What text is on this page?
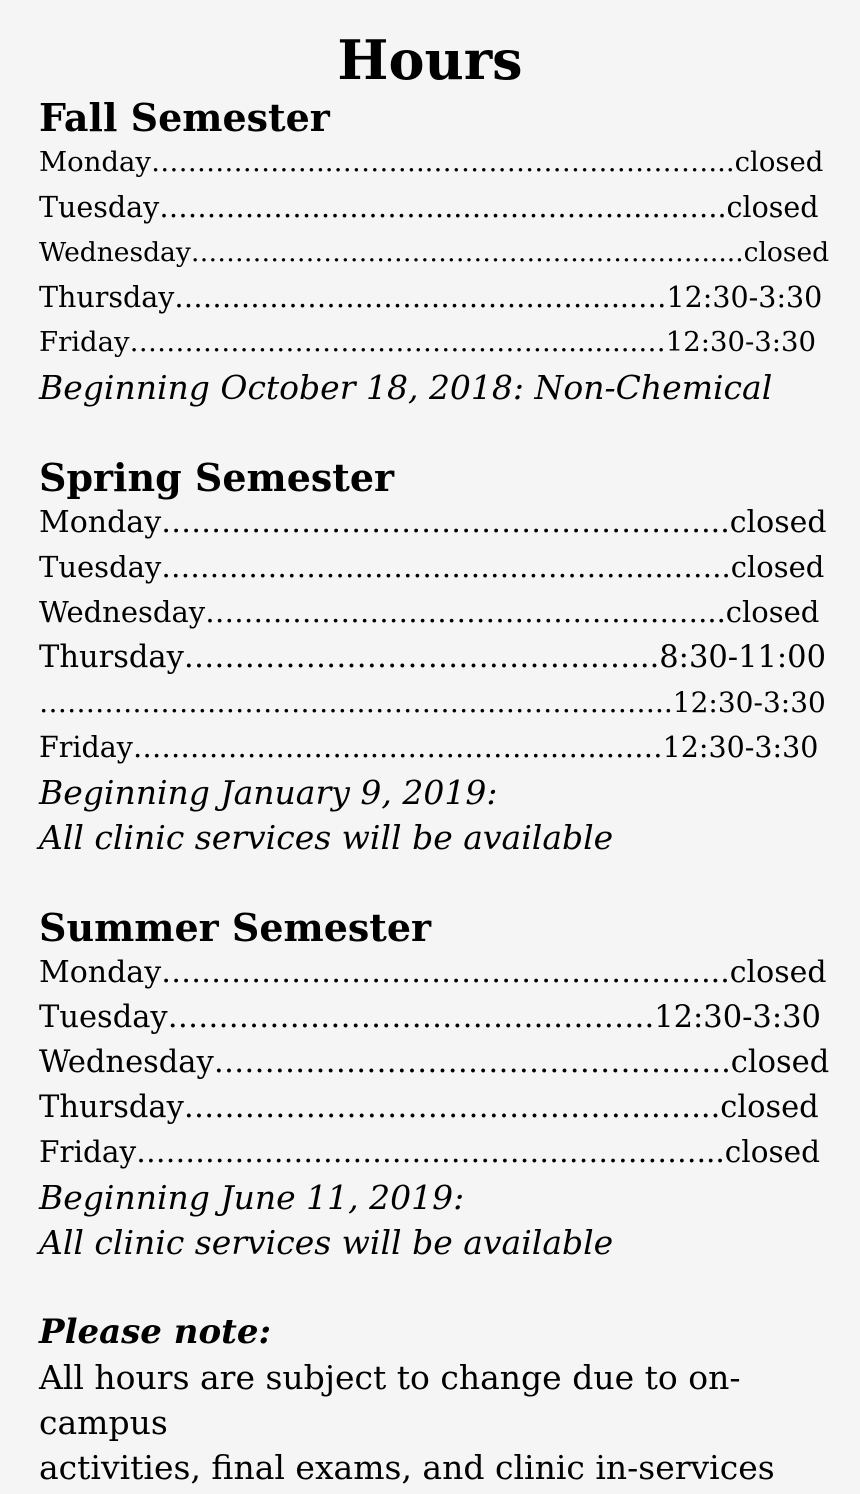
Hours
Fall Semester
Monday………………..………..…………………………...closed
Tuesday…………………………..………………..……..closed
Wednesday………………………………….…...………….....closed
Thursday……………………………….………...…12:30-3:30
Friday………………………………………...........…12:30-3:30
Beginning October 18, 2018: Non-Chemical
Spring Semester
Monday………………………………………………...closed
Tuesday…………………………………………………..closed
Wednesday……………………………………………...closed
Thursday…………………………………..…...8:30-11:00
…………………………………………………………..12:30-3:30
Friday……………………..……………….…..……12:30-3:30
Beginning January 9, 2019:
All clinic services will be available
Summer Semester
Monday………………………………………………...closed
Tuesday………………………………..……….12:30-3:30
Wednesday……………………………………….…..closed
Thursday………………………………………..…...closed
Friday…………………………………………………...closed
Beginning June 11, 2019:
All clinic services will be available
Please note:
All hours are subject to change due to on-campus
activities, final exams, and clinic in-services
